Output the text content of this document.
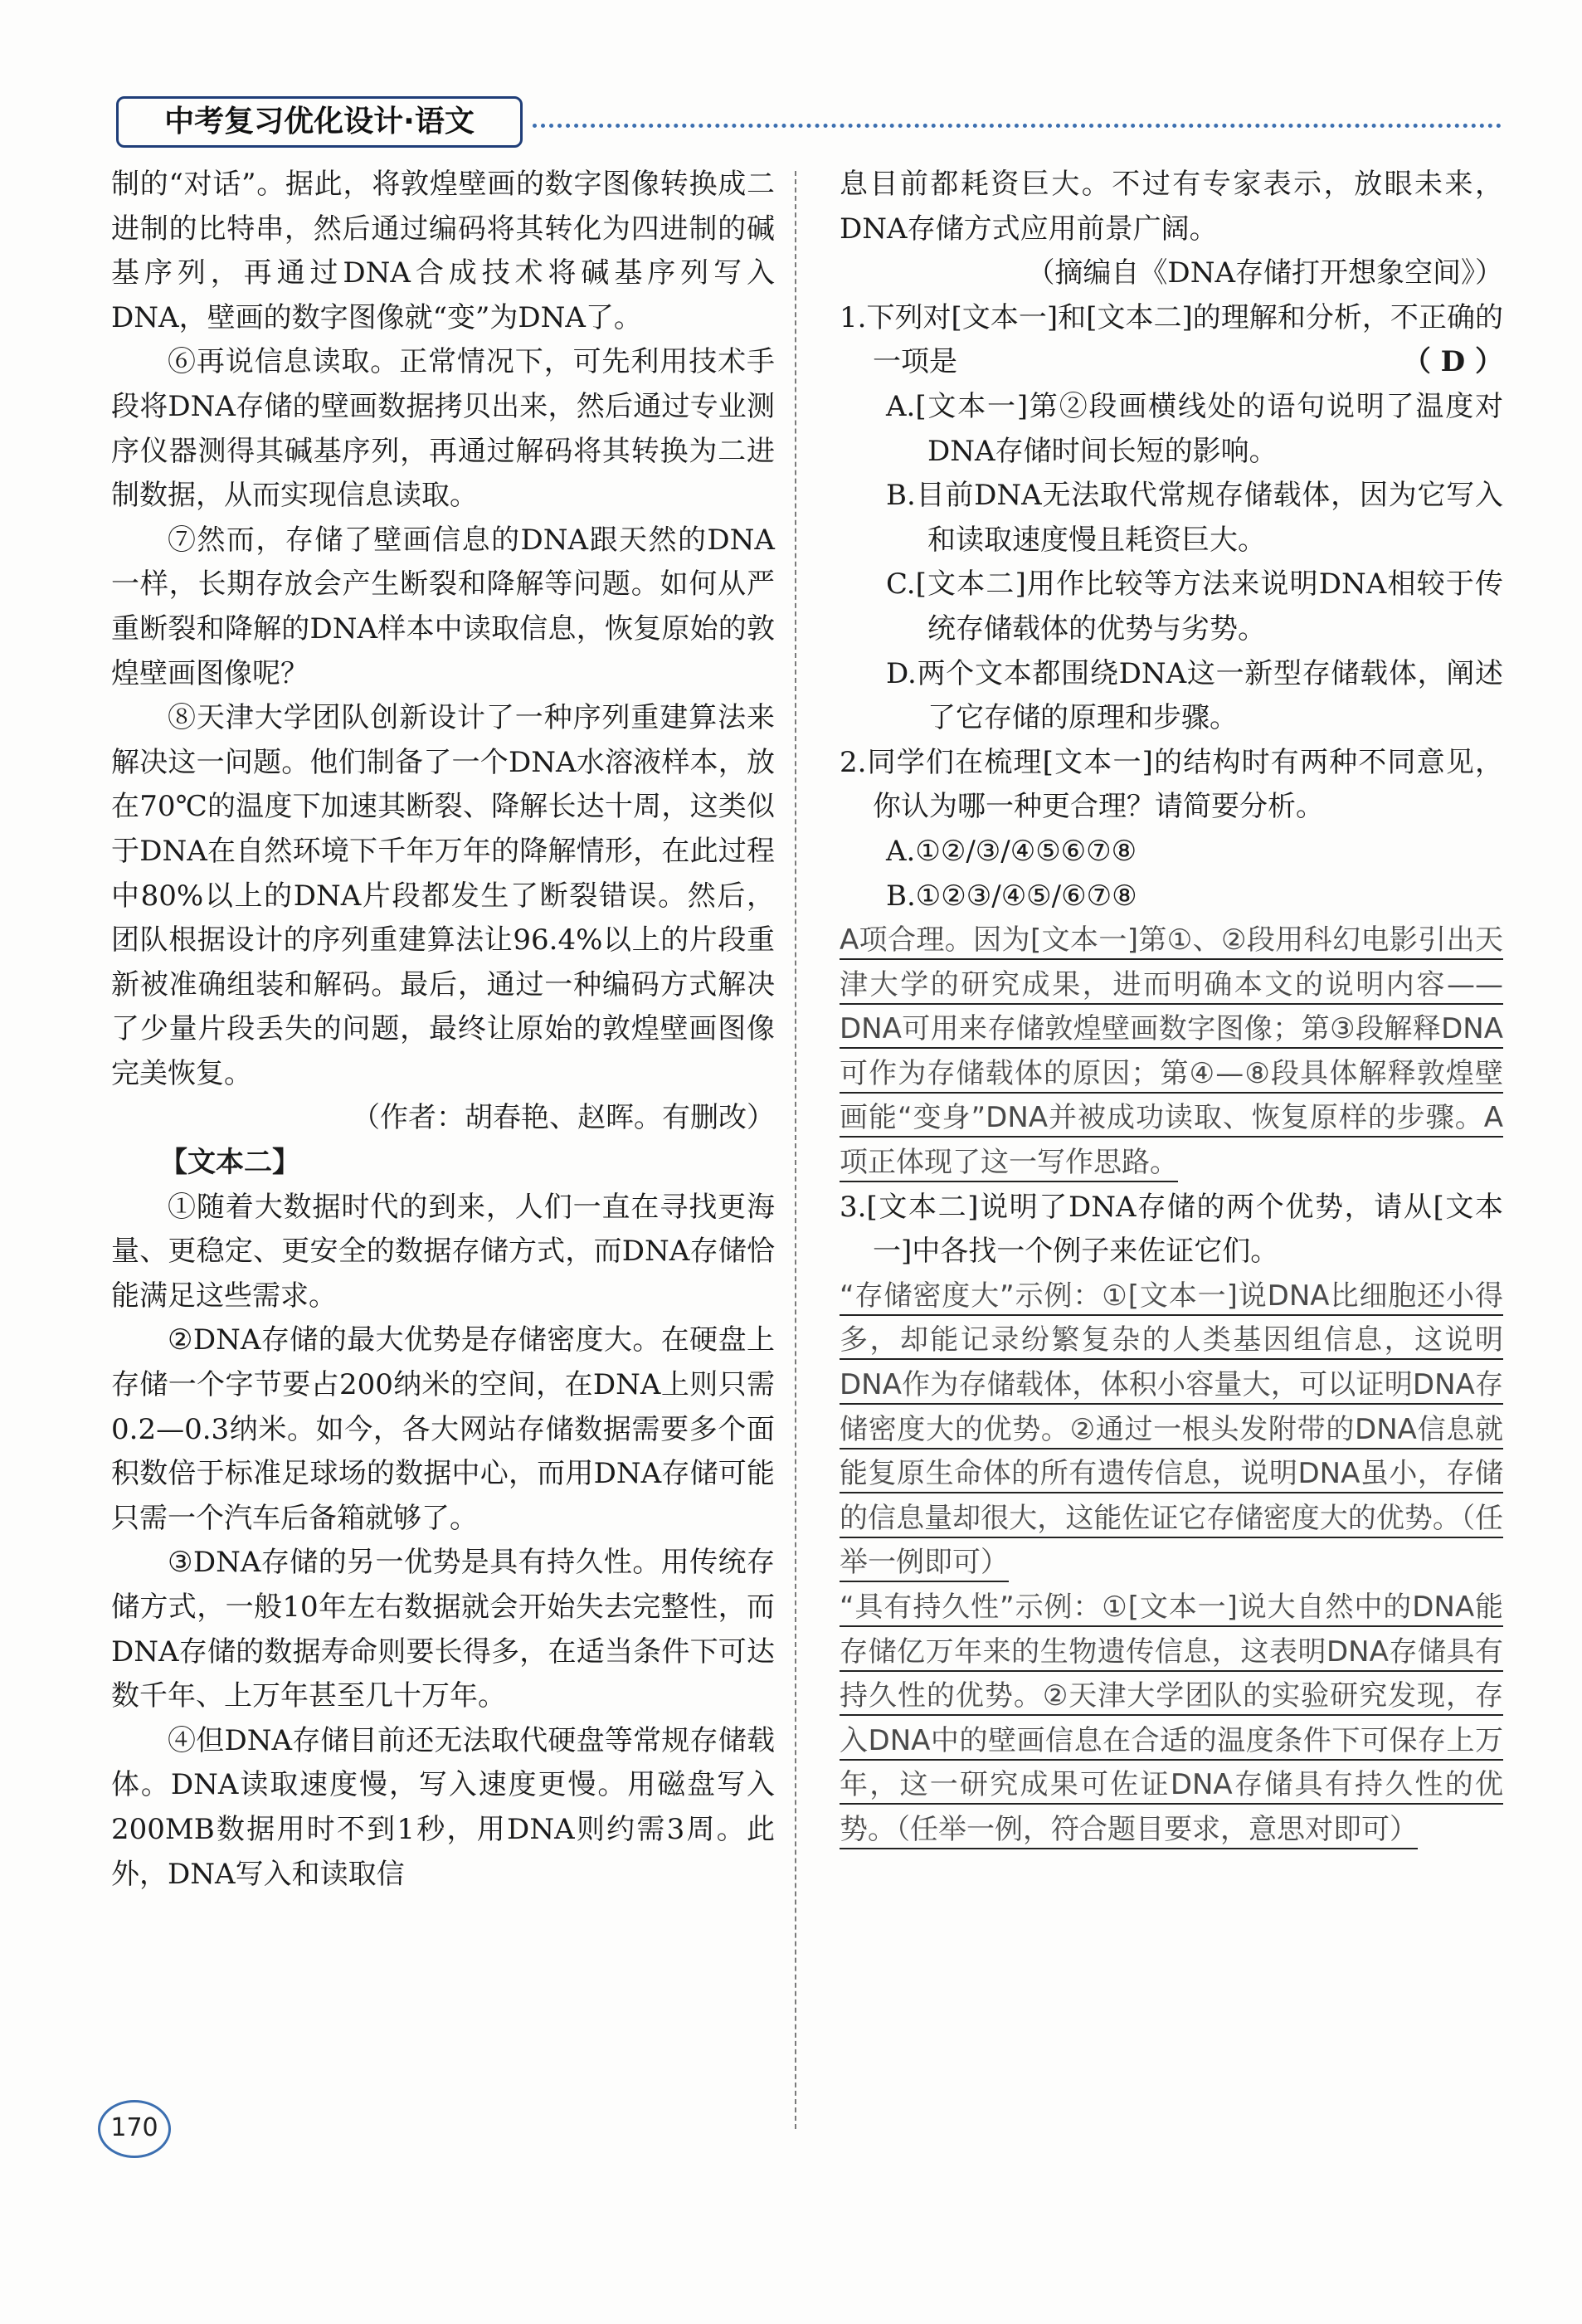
中考复习优化设计·语文

制的“对话”。据此，将敦煌壁画的数字图像转换成二进制的比特串，然后通过编码将其转化为四进制的碱基序列，再通过DNA合成技术将碱基序列写入DNA，壁画的数字图像就“变”为DNA了。

⑥再说信息读取。正常情况下，可先利用技术手段将DNA存储的壁画数据拷贝出来，然后通过专业测序仪器测得其碱基序列，再通过解码将其转换为二进制数据，从而实现信息读取。

⑦然而，存储了壁画信息的DNA跟天然的DNA一样，长期存放会产生断裂和降解等问题。如何从严重断裂和降解的DNA样本中读取信息，恢复原始的敦煌壁画图像呢？

⑧天津大学团队创新设计了一种序列重建算法来解决这一问题。他们制备了一个DNA水溶液样本，放在70℃的温度下加速其断裂、降解长达十周，这类似于DNA在自然环境下千年万年的降解情形，在此过程中80%以上的DNA片段都发生了断裂错误。然后，团队根据设计的序列重建算法让96.4%以上的片段重新被准确组装和解码。最后，通过一种编码方式解决了少量片段丢失的问题，最终让原始的敦煌壁画图像完美恢复。

（作者：胡春艳、赵晖。有删改）

【文本二】

①随着大数据时代的到来，人们一直在寻找更海量、更稳定、更安全的数据存储方式，而DNA存储恰能满足这些需求。

②DNA存储的最大优势是存储密度大。在硬盘上存储一个字节要占200纳米的空间，在DNA上则只需0.2—0.3纳米。如今，各大网站存储数据需要多个面积数倍于标准足球场的数据中心，而用DNA存储可能只需一个汽车后备箱就够了。

③DNA存储的另一优势是具有持久性。用传统存储方式，一般10年左右数据就会开始失去完整性，而DNA存储的数据寿命则要长得多，在适当条件下可达数千年、上万年甚至几十万年。

④但DNA存储目前还无法取代硬盘等常规存储载体。DNA读取速度慢，写入速度更慢。用磁盘写入200MB数据用时不到1秒，用DNA则约需3周。此外，DNA写入和读取信

息目前都耗资巨大。不过有专家表示，放眼未来，DNA存储方式应用前景广阔。

（摘编自《DNA存储打开想象空间》）

1.下列对[文本一]和[文本二]的理解和分析，不正确的一项是	（ D ）

A.[文本一]第②段画横线处的语句说明了温度对DNA存储时间长短的影响。

B.目前DNA无法取代常规存储载体，因为它写入和读取速度慢且耗资巨大。

C.[文本二]用作比较等方法来说明DNA相较于传统存储载体的优势与劣势。

D.两个文本都围绕DNA这一新型存储载体，阐述了它存储的原理和步骤。

2.同学们在梳理[文本一]的结构时有两种不同意见，你认为哪一种更合理？请简要分析。

A.①②/③/④⑤⑥⑦⑧

B.①②③/④⑤/⑥⑦⑧

A项合理。因为[文本一]第①、②段用科幻电影引出天津大学的研究成果，进而明确本文的说明内容——DNA可用来存储敦煌壁画数字图像；第③段解释DNA可作为存储载体的原因；第④—⑧段具体解释敦煌壁画能“变身”DNA并被成功读取、恢复原样的步骤。A项正体现了这一写作思路。

3.[文本二]说明了DNA存储的两个优势，请从[文本一]中各找一个例子来佐证它们。

“存储密度大”示例：①[文本一]说DNA比细胞还小得多，却能记录纷繁复杂的人类基因组信息，这说明DNA作为存储载体，体积小容量大，可以证明DNA存储密度大的优势。②通过一根头发附带的DNA信息就能复原生命体的所有遗传信息，说明DNA虽小，存储的信息量却很大，这能佐证它存储密度大的优势。（任举一例即可）

“具有持久性”示例：①[文本一]说大自然中的DNA能存储亿万年来的生物遗传信息，这表明DNA存储具有持久性的优势。②天津大学团队的实验研究发现，存入DNA中的壁画信息在合适的温度条件下可保存上万年，这一研究成果可佐证DNA存储具有持久性的优势。（任举一例，符合题目要求，意思对即可）

170
